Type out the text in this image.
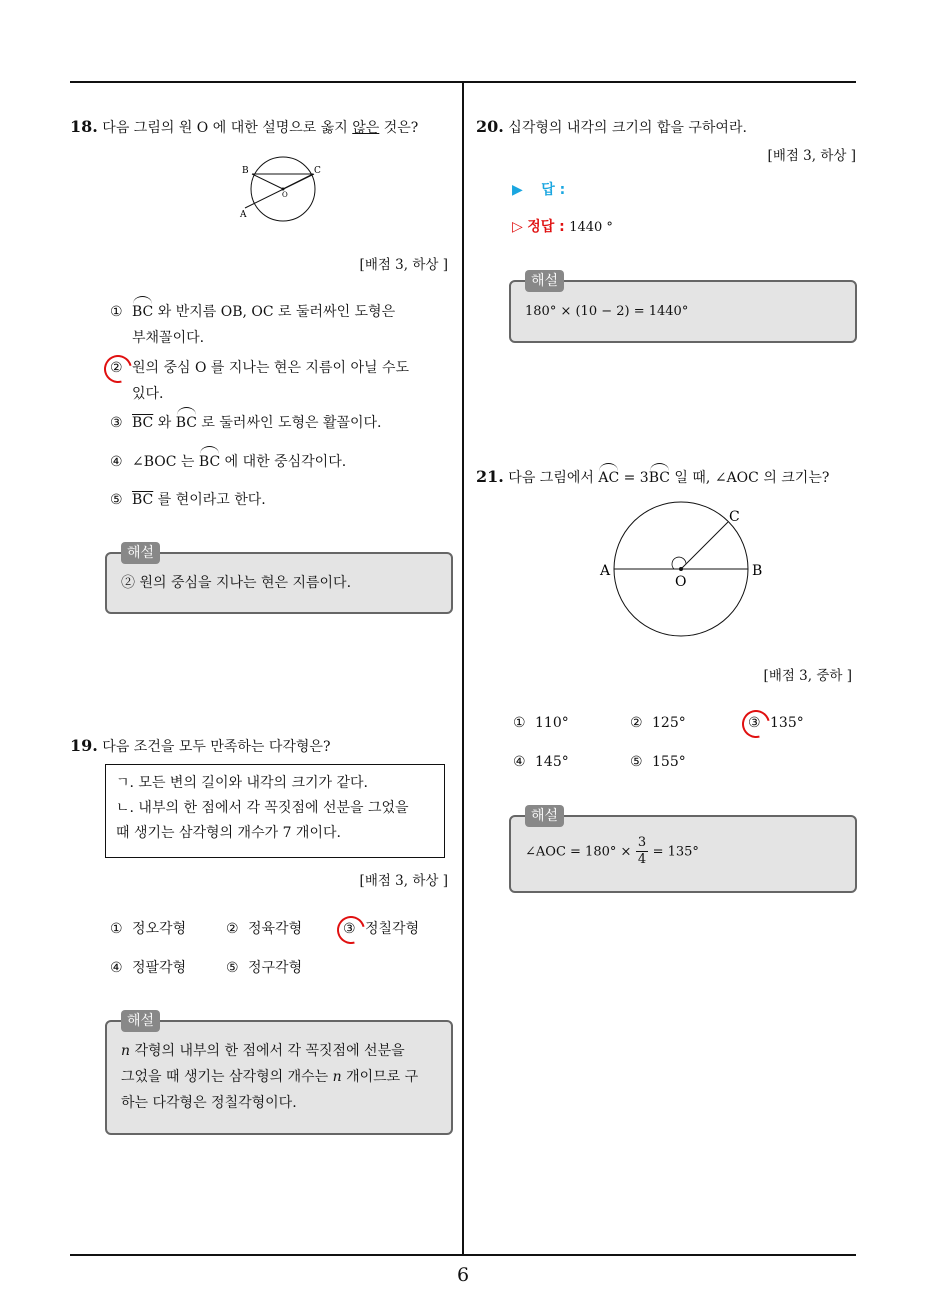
6
18. 다음 그림의 원 O 에 대한 설명으로 옳지 않은 것은?
B	C
O
A
[배점 3, 하상 ]
① BC 와 반지름 OB, OC 로 둘러싸인 도형은
부채꼴이다.
② 원의 중심 O 를 지나는 현은 지름이 아닐 수도
있다.
③ $\overline{BC}$ 와 BC 로 둘러싸인 도형은 활꼴이다.
④ ∠BOC 는 BC 에 대한 중심각이다.
⑤ $\overline{BC}$ 를 현이라고 한다.
해설
② 원의 중심을 지나는 현은 지름이다.
19. 다음 조건을 모두 만족하는 다각형은?
ㄱ. 모든 변의 길이와 내각의 크기가 같다.
ㄴ. 내부의 한 점에서 각 꼭짓점에 선분을 그었을
때 생기는 삼각형의 개수가 7 개이다.
[배점 3, 하상 ]
① 정오각형	② 정육각형	③ 정칠각형
④ 정팔각형	⑤ 정구각형
해설
n 각형의 내부의 한 점에서 각 꼭짓점에 선분을
그었을 때 생기는 삼각형의 개수는 n 개이므로 구
하는 다각형은 정칠각형이다.
20. 십각형의 내각의 크기의 합을 구하여라.
[배점 3, 하상 ]
▶ 답 :
▷ 정답 : 1440 °
해설
180° × (10 − 2) = 1440°
21. 다음 그림에서 AC = 3BC 일 때, ∠AOC 의 크기는?
A
O
B
C
[배점 3, 중하 ]
① 110°	② 125°	③ 135°
④ 145°	⑤ 155°
해설
∠AOC = $180^\circ \times \frac{3}{4} = 135^\circ$
